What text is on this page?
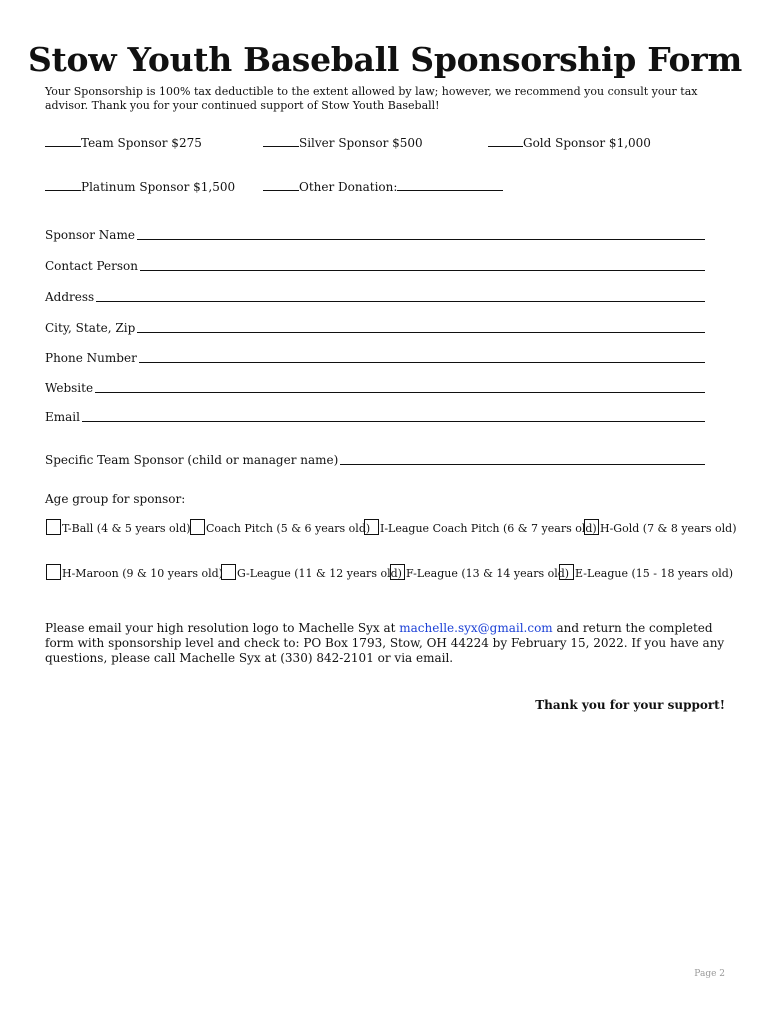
Stow Youth Baseball Sponsorship Form
Your Sponsorship is 100% tax deductible to the extent allowed by law; however, we recommend you consult your tax advisor. Thank you for your continued support of Stow Youth Baseball!
Team Sponsor $275	Silver Sponsor $500	Gold Sponsor $1,000
Platinum Sponsor $1,500	Other Donation:
Sponsor Name
Contact Person
Address
City, State, Zip
Phone Number
Website
Email
Specific Team Sponsor (child or manager name)
Age group for sponsor:
T-Ball (4 & 5 years old) Coach Pitch (5 & 6 years old) I-League Coach Pitch (6 & 7 years old) H-Gold (7 & 8 years old)
H-Maroon (9 & 10 years old) G-League (11 & 12 years old) F-League (13 & 14 years old) E-League (15 - 18 years old)
Please email your high resolution logo to Machelle Syx at machelle.syx@gmail.com and return the completed form with sponsorship level and check to: PO Box 1793, Stow, OH 44224 by February 15, 2022. If you have any questions, please call Machelle Syx at (330) 842-2101 or via email.
Thank you for your support!
Page 2
